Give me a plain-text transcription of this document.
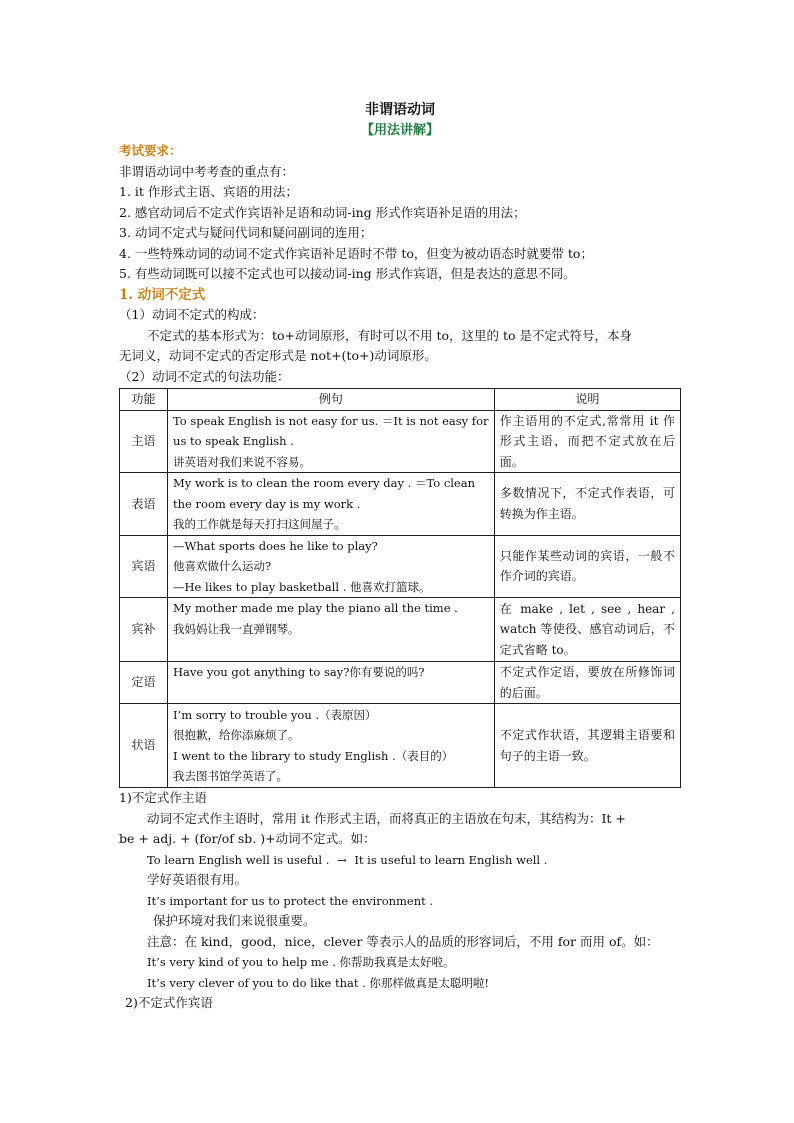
非谓语动词
【用法讲解】
考试要求：
非谓语动词中考考查的重点有：
1. it 作形式主语、宾语的用法；
2. 感官动词后不定式作宾语补足语和动词-ing 形式作宾语补足语的用法；
3. 动词不定式与疑问代词和疑问副词的连用；
4. 一些特殊动词的动词不定式作宾语补足语时不带 to，但变为被动语态时就要带 to；
5. 有些动词既可以接不定式也可以接动词-ing 形式作宾语，但是表达的意思不同。
1. 动词不定式
（1）动词不定式的构成：
不定式的基本形式为：to+动词原形，有时可以不用 to，这里的 to 是不定式符号，本身
无词义，动词不定式的否定形式是 not+(to+)动词原形。
（2）动词不定式的句法功能：
功能	例句	说明
主语	To speak English is not easy for us. ＝It is not easy for
us to speak English .
讲英语对我们来说不容易。	作主语用的不定式,常常用 it 作形式主语，而把不定式放在后面。
表语	My work is to clean the room every day . ＝To clean
the room every day is my work .
我的工作就是每天打扫这间屋子。	多数情况下，不定式作表语，可转换为作主语。
宾语	—What sports does he like to play?
他喜欢做什么运动?
—He likes to play basketball . 他喜欢打篮球。	只能作某些动词的宾语，一般不作介词的宾语。
宾补	My mother made me play the piano all the time .
我妈妈让我一直弹钢琴。	在 make , let , see , hear , watch 等使役、感官动词后，不定式省略 to。
定语	Have you got anything to say?你有要说的吗?	不定式作定语，要放在所修饰词的后面。
状语	I’m sorry to trouble you .（表原因）
很抱歉，给你添麻烦了。
I went to the library to study English .（表目的）
我去图书馆学英语了。	不定式作状语，其逻辑主语要和句子的主语一致。
1)不定式作主语
动词不定式作主语时，常用 it 作形式主语，而将真正的主语放在句末，其结构为：It +
be + adj. + (for/of sb. )+动词不定式。如：
To learn English well is useful . → It is useful to learn English well .
学好英语很有用。
It’s important for us to protect the environment .
保护环境对我们来说很重要。
注意：在 kind，good，nice，clever 等表示人的品质的形容词后，不用 for 而用 of。如：
It’s very kind of you to help me . 你帮助我真是太好啦。
It’s very clever of you to do like that . 你那样做真是太聪明啦!
2)不定式作宾语
